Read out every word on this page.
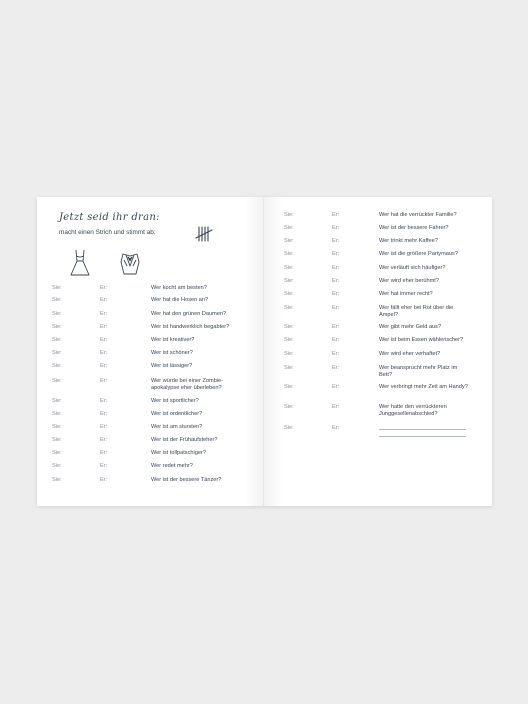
Jetzt seid ihr dran:
macht einen Strich und stimmt ab:
Sie:	Er:	Wer kocht am besten?
Sie:	Er:	Wer hat die Hosen an?
Sie:	Er:	Wer hat den grünen Daumen?
Sie:	Er:	Wer ist handwerklich begabter?
Sie:	Er:	Wer ist kreativer?
Sie:	Er:	Wer ist schöner?
Sie:	Er:	Wer ist lässiger?
Sie:	Er:	Wer würde bei einer Zombie-apokalypse eher überleben?
Sie:	Er:	Wer ist sportlicher?
Sie:	Er:	Wer ist ordentlicher?
Sie:	Er:	Wer ist am stursten?
Sie:	Er:	Wer ist der Frühaufsteher?
Sie:	Er:	Wer ist tollpatschiger?
Sie:	Er:	Wer redet mehr?
Sie:	Er:	Wer ist der bessere Tänzer?
Sie:	Er:	Wer hat die verrückter Familie?
Sie:	Er:	Wer ist der bessere Fahrer?
Sie:	Er:	Wer trinkt mehr Kaffee?
Sie:	Er:	Wer ist die größere Partymaus?
Sie:	Er:	Wer verläuft sich häufiger?
Sie:	Er:	Wer wird eher berühmt?
Sie:	Er:	Wer hat immer recht?
Sie:	Er:	Wer fällt eher bei Rot über die Ampel?
Sie:	Er:	Wer gibt mehr Geld aus?
Sie:	Er:	Wer ist beim Essen wählerischer?
Sie:	Er:	Wer wird eher verhaftet?
Sie:	Er:	Wer beansprucht mehr Platz im Bett?
Sie:	Er:	Wer verbringt mehr Zeit am Handy?
Sie:	Er:	Wer hatte den verrückteren Junggesellenabschied?
Sie:	Er:
